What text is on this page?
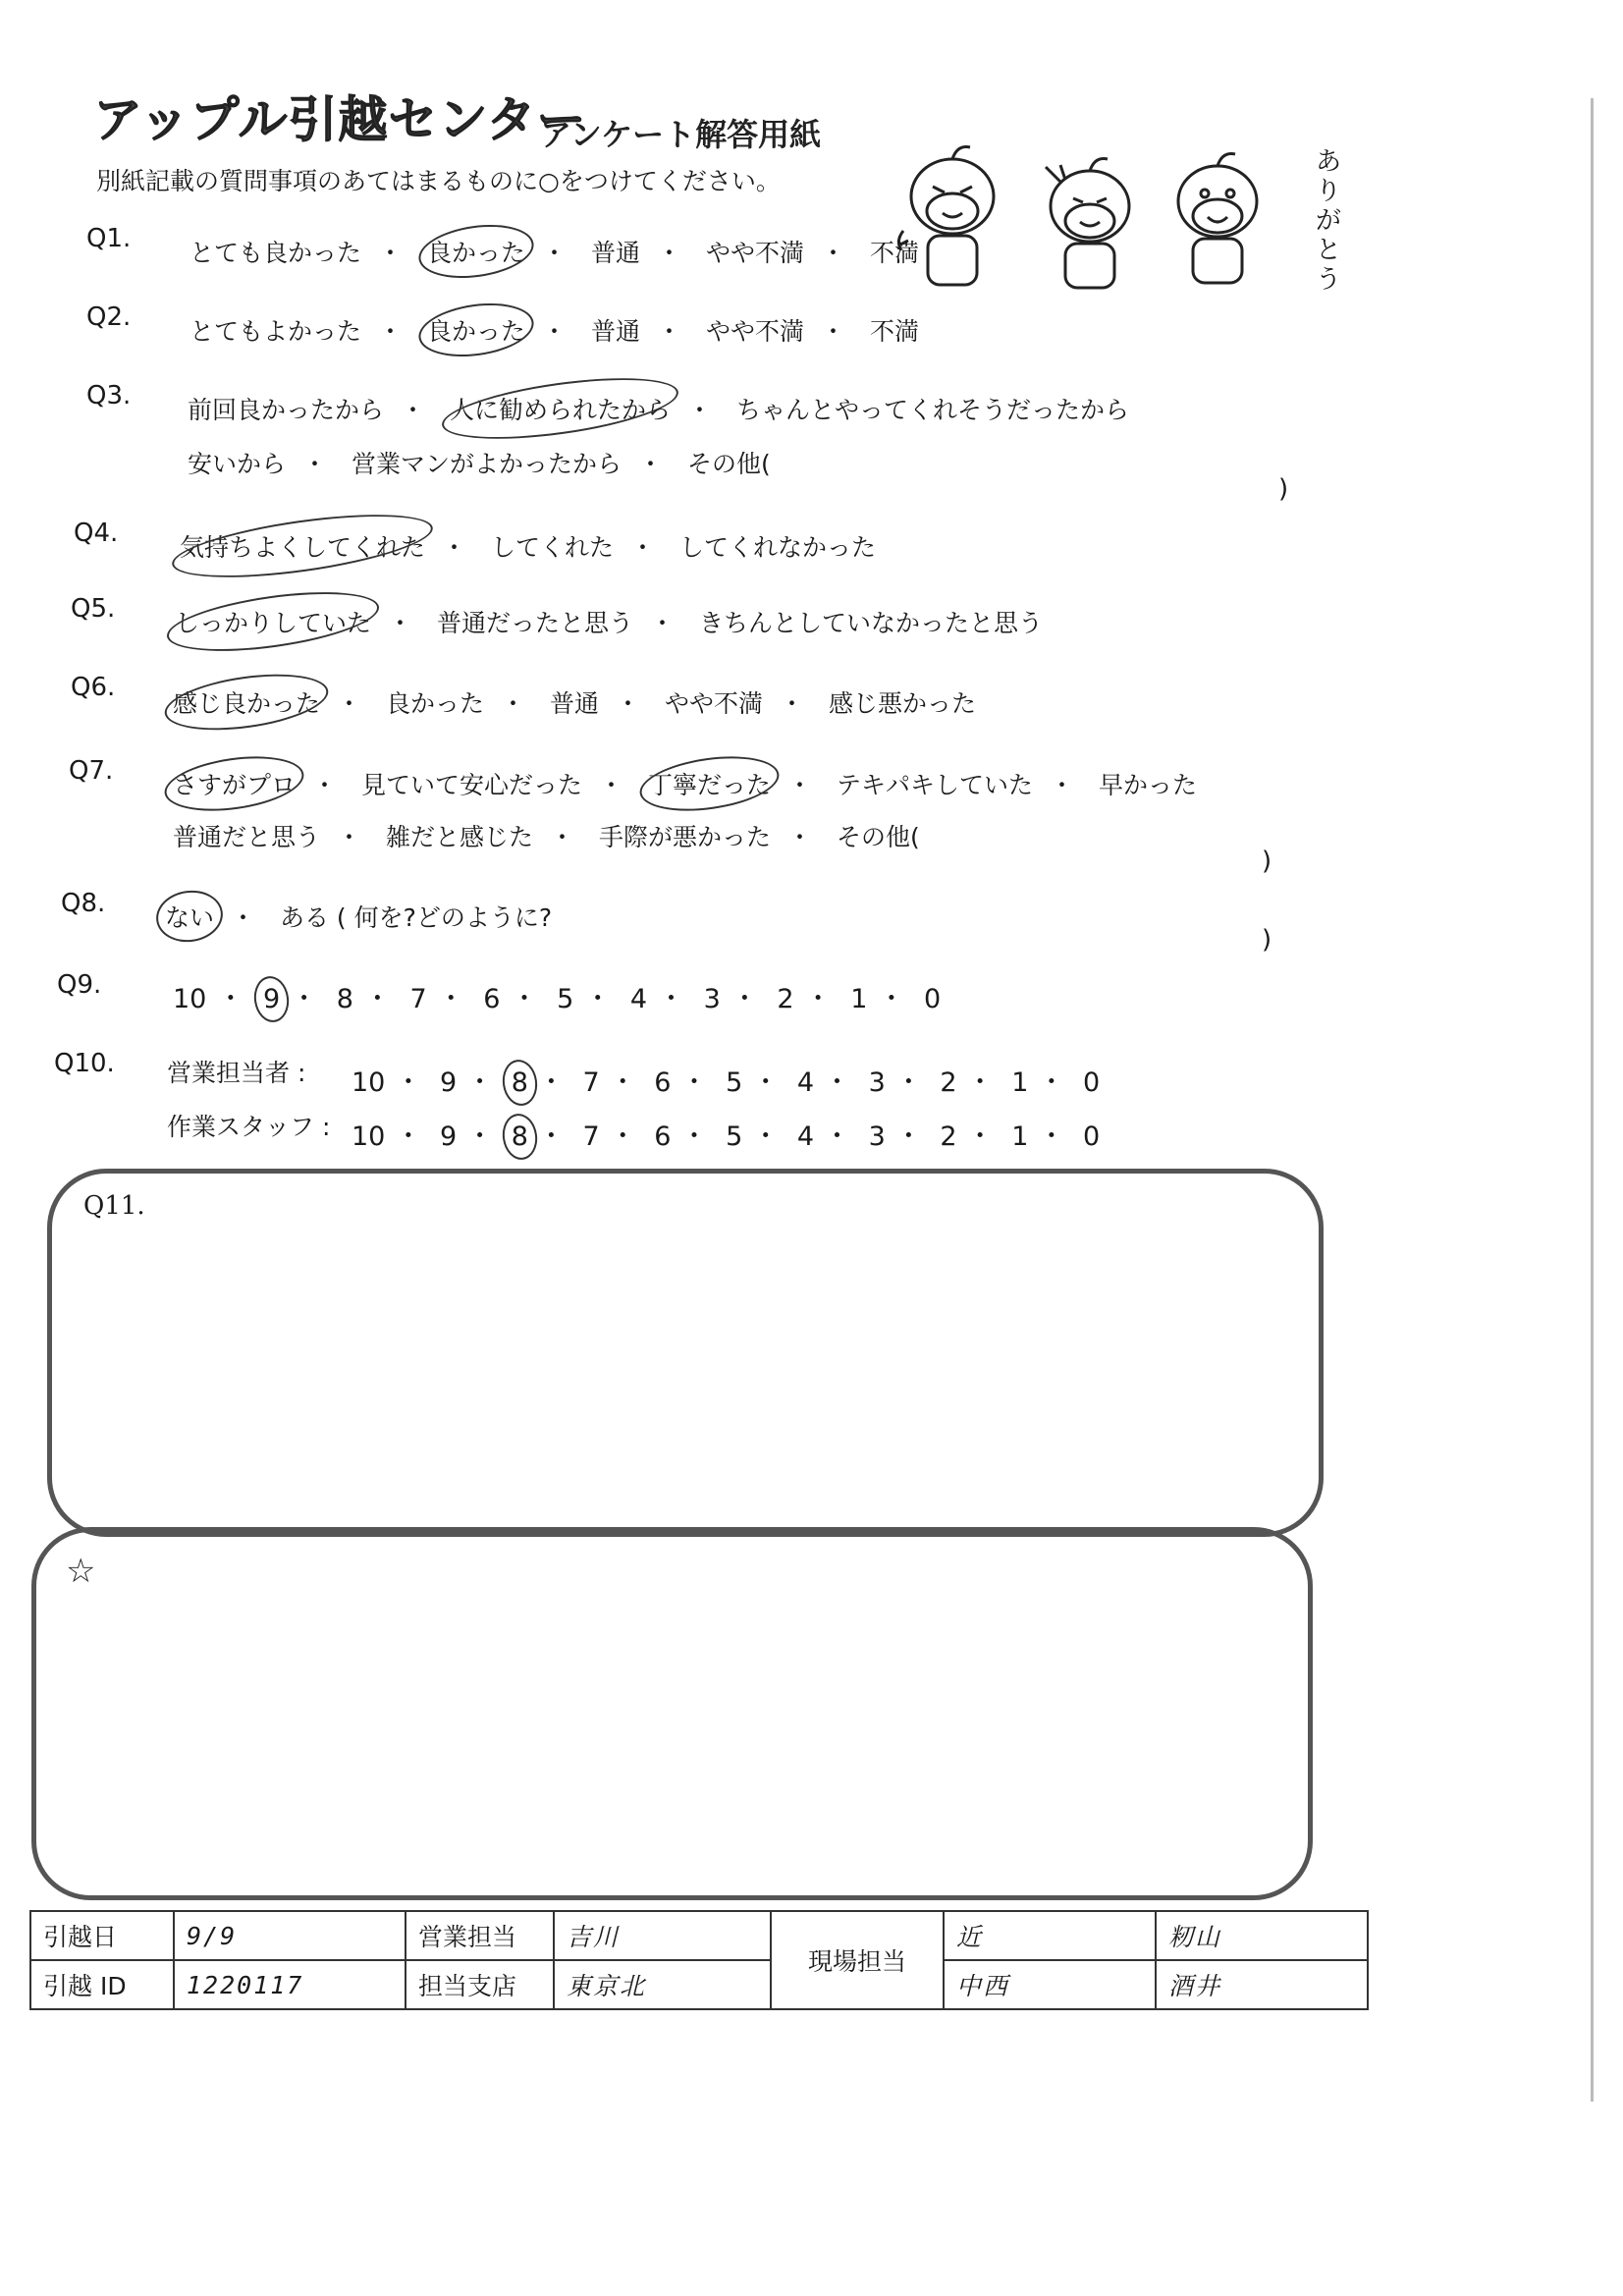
アップル引越センター
アンケート解答用紙
別紙記載の質問事項のあてはまるものに○をつけてください。
ありがとう
Q1. とても良かった ・ 良かった ・ 普通 ・ やや不満 ・ 不満
Q2. とてもよかった ・ 良かった ・ 普通 ・ やや不満 ・ 不満
Q3. 前回良かったから ・ 人に勧められたから ・ ちゃんとやってくれそうだったから
安いから ・ 営業マンがよかったから ・ その他(
)
Q4.	気持ちよくしてくれた ・ してくれた ・ してくれなかった
Q5. しっかりしていた ・ 普通だったと思う ・ きちんとしていなかったと思う
Q6.
感じ良かった ・ 良かった ・ 普通 ・ やや不満 ・ 感じ悪かった
Q7. さすがプロ ・ 見ていて安心だった ・ 丁寧だった ・ テキパキしていた ・ 早かった
普通だと思う ・ 雑だと感じた ・ 手際が悪かった ・ その他(
)
Q8. ない ・ ある ( 何を?どのように?
)
Q9.	10 ・ 9 ・ 8 ・ 7 ・ 6 ・ 5 ・ 4 ・ 3 ・ 2 ・ 1 ・ 0
Q10. 営業担当者 : 10 ・ 9 ・ 8 ・ 7 ・ 6 ・ 5 ・ 4 ・ 3 ・ 2 ・ 1 ・ 0
作業スタッフ : 10 ・ 9 ・ 8 ・ 7 ・ 6 ・ 5 ・ 4 ・ 3 ・ 2 ・ 1 ・ 0
Q11.
☆
引越日	9/9	営業担当	吉川	現場担当	近	籾山
引越 ID	1220117	担当支店	東京北		中西	酒井
